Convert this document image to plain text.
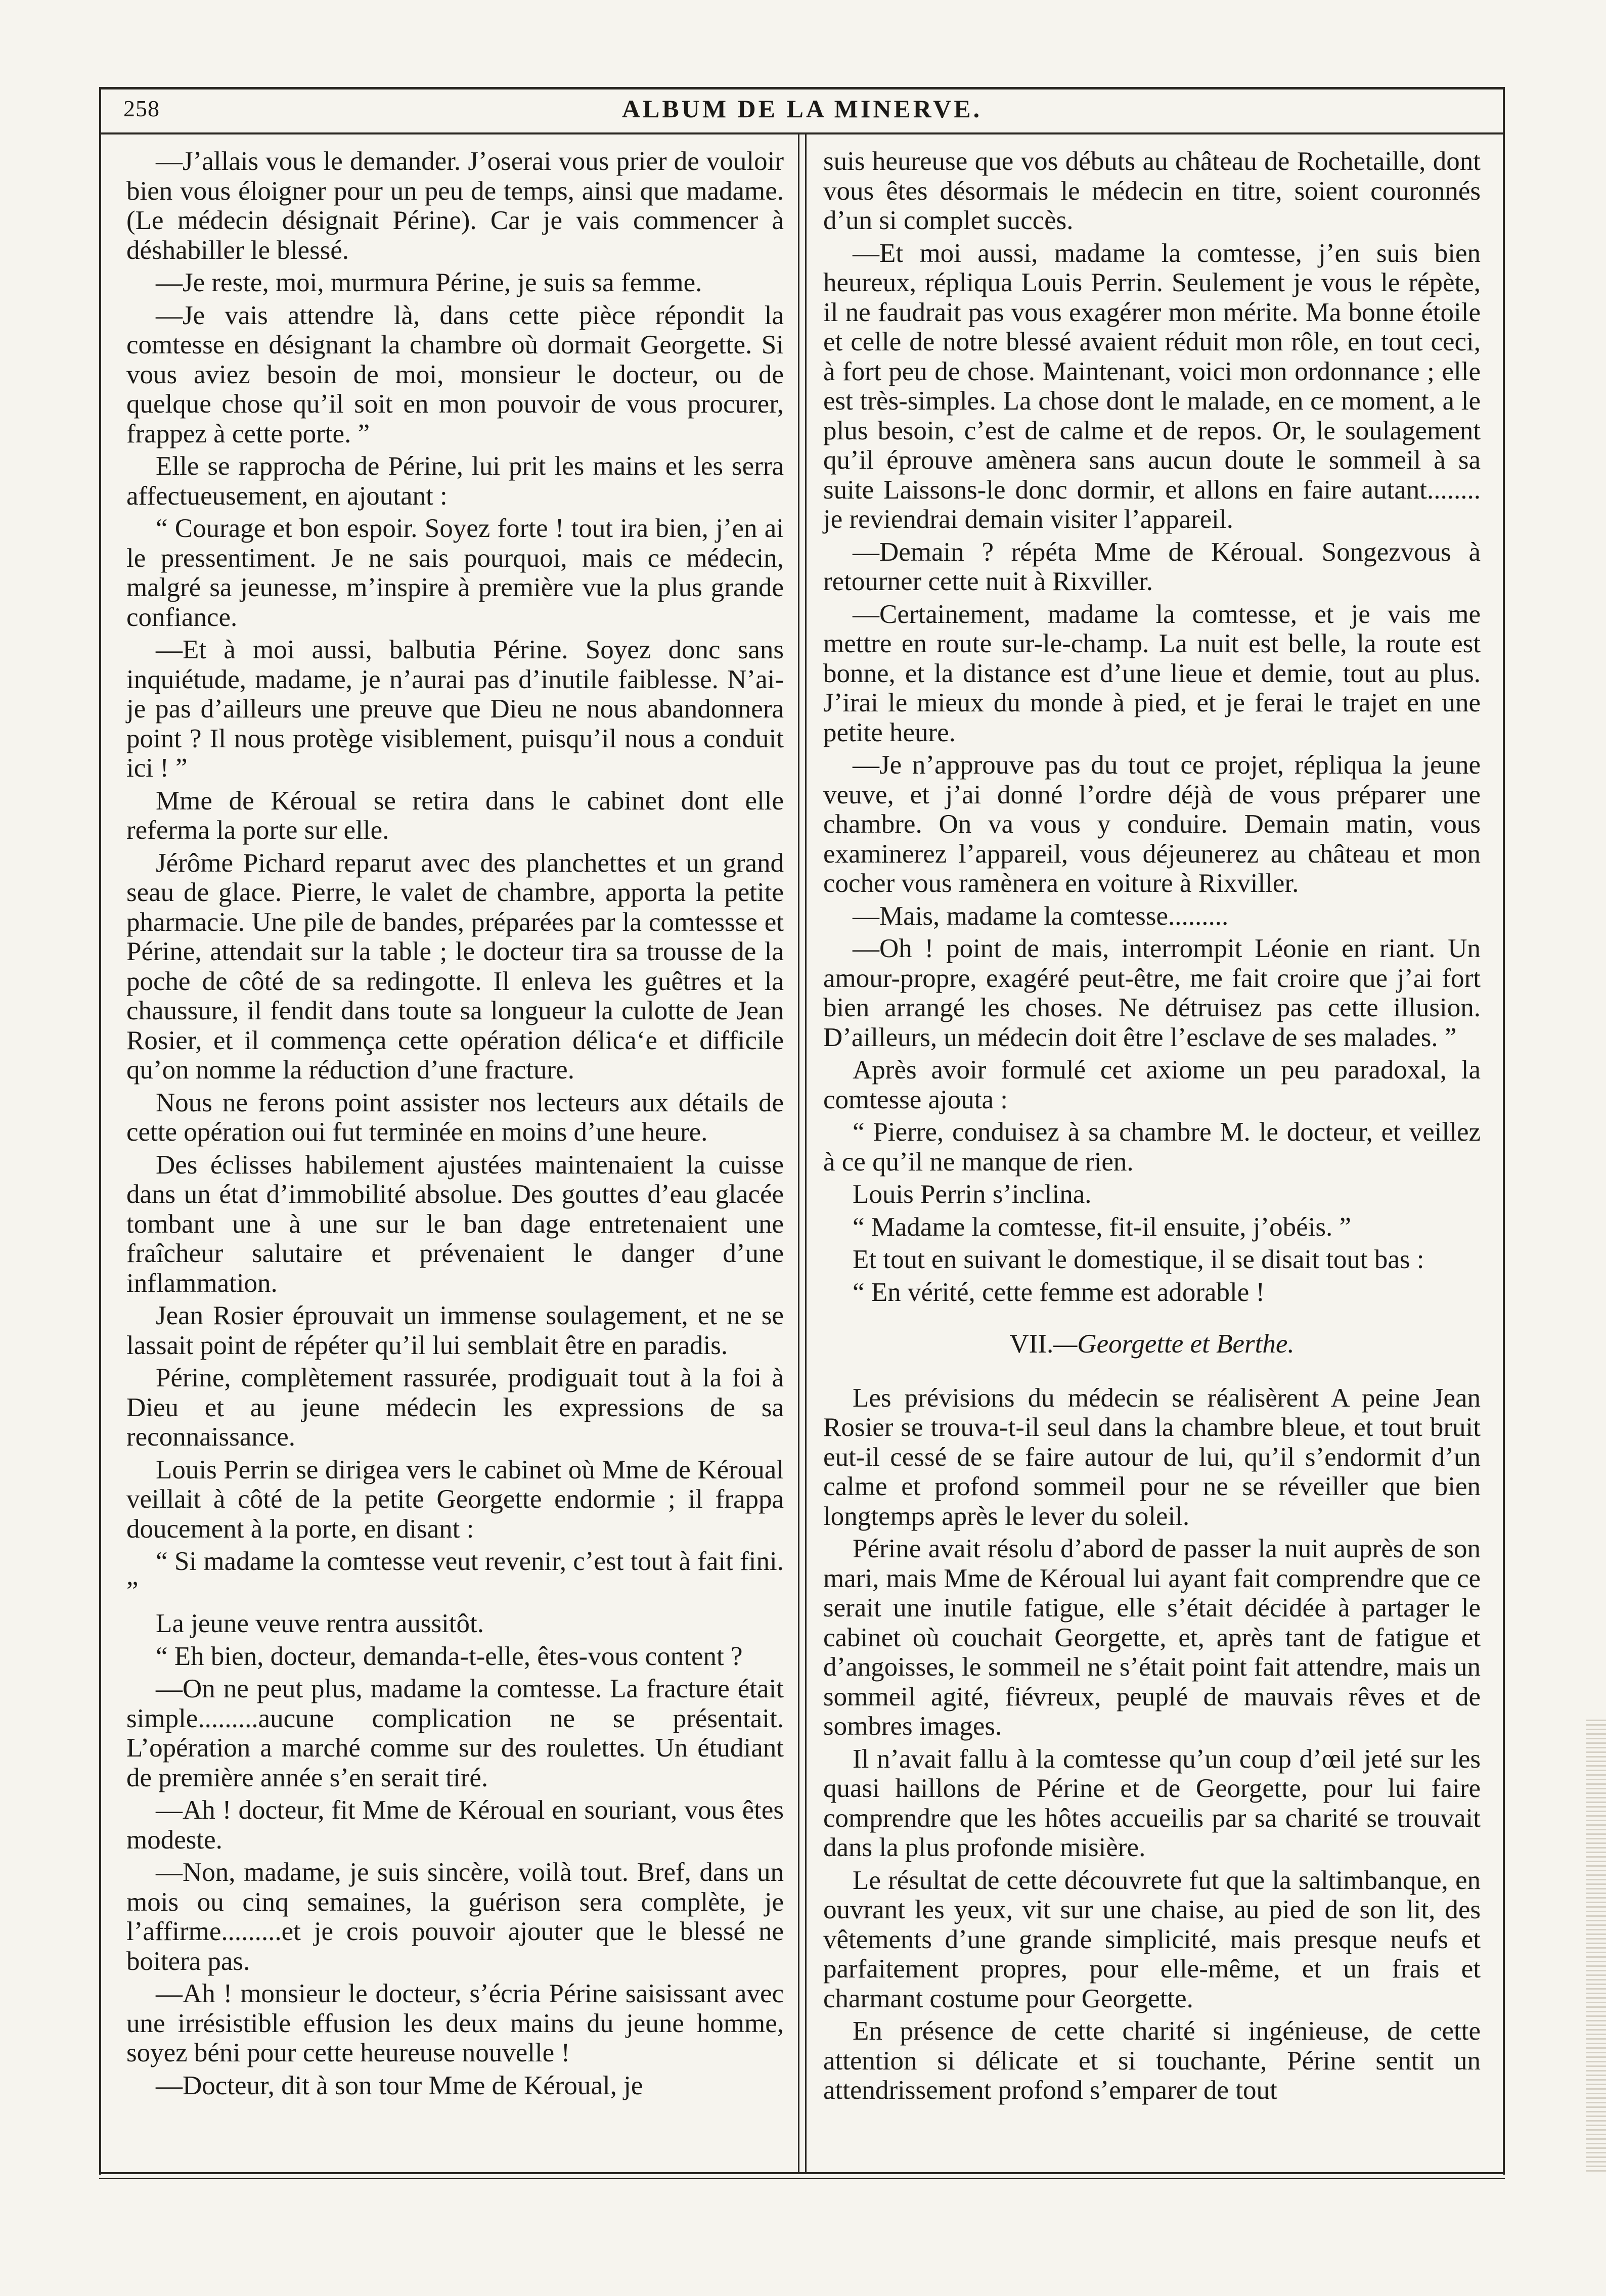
258	ALBUM DE LA MINERVE.

—J’allais vous le demander. J’oserai vous prier de vouloir bien vous éloigner pour un peu de temps, ainsi que madame. (Le médecin désignait Périne). Car je vais commencer à déshabiller le blessé.

—Je reste, moi, murmura Périne, je suis sa femme.

—Je vais attendre là, dans cette pièce répondit la comtesse en désignant la chambre où dormait Georgette. Si vous aviez besoin de moi, monsieur le docteur, ou de quelque chose qu’il soit en mon pouvoir de vous procurer, frappez à cette porte. ”

Elle se rapprocha de Périne, lui prit les mains et les serra affectueusement, en ajoutant :

“ Courage et bon espoir. Soyez forte ! tout ira bien, j’en ai le pressentiment. Je ne sais pourquoi, mais ce médecin, malgré sa jeunesse, m’inspire à première vue la plus grande confiance.

—Et à moi aussi, balbutia Périne. Soyez donc sans inquiétude, madame, je n’aurai pas d’inutile faiblesse. N’ai-je pas d’ailleurs une preuve que Dieu ne nous abandonnera point ? Il nous protège visiblement, puisqu’il nous a conduit ici ! ”

Mme de Kéroual se retira dans le cabinet dont elle referma la porte sur elle.

Jérôme Pichard reparut avec des planchettes et un grand seau de glace. Pierre, le valet de chambre, apporta la petite pharmacie. Une pile de bandes, préparées par la comtessse et Périne, attendait sur la table ; le docteur tira sa trousse de la poche de côté de sa redingotte. Il enleva les guêtres et la chaussure, il fendit dans toute sa longueur la culotte de Jean Rosier, et il commença cette opération délica‘e et difficile qu’on nomme la réduction d’une fracture.

Nous ne ferons point assister nos lecteurs aux détails de cette opération oui fut terminée en moins d’une heure.

Des éclisses habilement ajustées maintenaient la cuisse dans un état d’immobilité absolue. Des gouttes d’eau glacée tombant une à une sur le ban dage entretenaient une fraîcheur salutaire et prévenaient le danger d’une inflammation.

Jean Rosier éprouvait un immense soulagement, et ne se lassait point de répéter qu’il lui semblait être en paradis.

Périne, complètement rassurée, prodiguait tout à la foi à Dieu et au jeune médecin les expressions de sa reconnaissance.

Louis Perrin se dirigea vers le cabinet où Mme de Kéroual veillait à côté de la petite Georgette endormie ; il frappa doucement à la porte, en disant :

“ Si madame la comtesse veut revenir, c’est tout à fait fini. ”

La jeune veuve rentra aussitôt.

“ Eh bien, docteur, demanda-t-elle, êtes-vous content ?

—On ne peut plus, madame la comtesse. La fracture était simple.........aucune complication ne se présentait. L’opération a marché comme sur des roulettes. Un étudiant de première année s’en serait tiré.

—Ah ! docteur, fit Mme de Kéroual en souriant, vous êtes modeste.

—Non, madame, je suis sincère, voilà tout. Bref, dans un mois ou cinq semaines, la guérison sera complète, je l’affirme.........et je crois pouvoir ajouter que le blessé ne boitera pas.

—Ah ! monsieur le docteur, s’écria Périne saisissant avec une irrésistible effusion les deux mains du jeune homme, soyez béni pour cette heureuse nouvelle !

—Docteur, dit à son tour Mme de Kéroual, je

suis heureuse que vos débuts au château de Rochetaille, dont vous êtes désormais le médecin en titre, soient couronnés d’un si complet succès.

—Et moi aussi, madame la comtesse, j’en suis bien heureux, répliqua Louis Perrin. Seulement je vous le répète, il ne faudrait pas vous exagérer mon mérite. Ma bonne étoile et celle de notre blessé avaient réduit mon rôle, en tout ceci, à fort peu de chose. Maintenant, voici mon ordonnance ; elle est très-simples. La chose dont le malade, en ce moment, a le plus besoin, c’est de calme et de repos. Or, le soulagement qu’il éprouve amènera sans aucun doute le sommeil à sa suite Laissons-le donc dormir, et allons en faire autant........ je reviendrai demain visiter l’appareil.

—Demain ? répéta Mme de Kéroual. Songezvous à retourner cette nuit à Rixviller.

—Certainement, madame la comtesse, et je vais me mettre en route sur-le-champ. La nuit est belle, la route est bonne, et la distance est d’une lieue et demie, tout au plus. J’irai le mieux du monde à pied, et je ferai le trajet en une petite heure.

—Je n’approuve pas du tout ce projet, répliqua la jeune veuve, et j’ai donné l’ordre déjà de vous préparer une chambre. On va vous y conduire. Demain matin, vous examinerez l’appareil, vous déjeunerez au château et mon cocher vous ramènera en voiture à Rixviller.

—Mais, madame la comtesse.........

—Oh ! point de mais, interrompit Léonie en riant. Un amour-propre, exagéré peut-être, me fait croire que j’ai fort bien arrangé les choses. Ne détruisez pas cette illusion. D’ailleurs, un médecin doit être l’esclave de ses malades. ”

Après avoir formulé cet axiome un peu paradoxal, la comtesse ajouta :

“ Pierre, conduisez à sa chambre M. le docteur, et veillez à ce qu’il ne manque de rien.

Louis Perrin s’inclina.

“ Madame la comtesse, fit-il ensuite, j’obéis. ”

Et tout en suivant le domestique, il se disait tout bas :

“ En vérité, cette femme est adorable !

VII.—Georgette et Berthe.

Les prévisions du médecin se réalisèrent A peine Jean Rosier se trouva-t-il seul dans la chambre bleue, et tout bruit eut-il cessé de se faire autour de lui, qu’il s’endormit d’un calme et profond sommeil pour ne se réveiller que bien longtemps après le lever du soleil.

Périne avait résolu d’abord de passer la nuit auprès de son mari, mais Mme de Kéroual lui ayant fait comprendre que ce serait une inutile fatigue, elle s’était décidée à partager le cabinet où couchait Georgette, et, après tant de fatigue et d’angoisses, le sommeil ne s’était point fait attendre, mais un sommeil agité, fiévreux, peuplé de mauvais rêves et de sombres images.

Il n’avait fallu à la comtesse qu’un coup d’œil jeté sur les quasi haillons de Périne et de Georgette, pour lui faire comprendre que les hôtes accueilis par sa charité se trouvait dans la plus profonde misière.

Le résultat de cette découvrete fut que la saltimbanque, en ouvrant les yeux, vit sur une chaise, au pied de son lit, des vêtements d’une grande simplicité, mais presque neufs et parfaitement propres, pour elle-même, et un frais et charmant costume pour Georgette.

En présence de cette charité si ingénieuse, de cette attention si délicate et si touchante, Périne sentit un attendrissement profond s’emparer de tout
